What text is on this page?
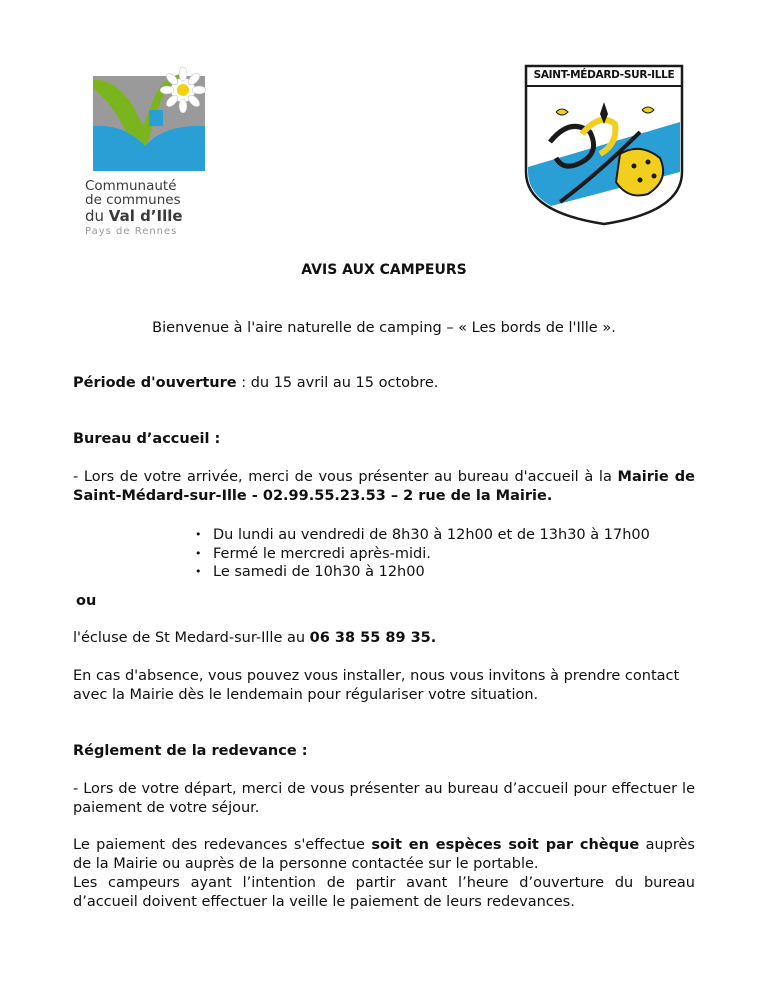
Communauté
de communes
du Val d’Ille
Pays de Rennes
SAINT-MÉDARD-SUR-ILLE
AVIS AUX CAMPEURS

Bienvenue à l'aire naturelle de camping – « Les bords de l'Ille ».

Période d'ouverture : du 15 avril au 15 octobre.

Bureau d’accueil :

- Lors de votre arrivée, merci de vous présenter au bureau d'accueil à la Mairie de Saint-Médard-sur-Ille - 02.99.55.23.53 – 2 rue de la Mairie.

• Du lundi au vendredi de 8h30 à 12h00 et de 13h30 à 17h00
• Fermé le mercredi après-midi.
• Le samedi de 10h30 à 12h00

ou

l'écluse de St Medard-sur-Ille au 06 38 55 89 35.

En cas d'absence, vous pouvez vous installer, nous vous invitons à prendre contact avec la Mairie dès le lendemain pour régulariser votre situation.

Réglement de la redevance :

- Lors de votre départ, merci de vous présenter au bureau d’accueil pour effectuer le paiement de votre séjour.

Le paiement des redevances s'effectue soit en espèces soit par chèque auprès de la Mairie ou auprès de la personne contactée sur le portable.

Les campeurs ayant l’intention de partir avant l’heure d’ouverture du bureau d’accueil doivent effectuer la veille le paiement de leurs redevances.
